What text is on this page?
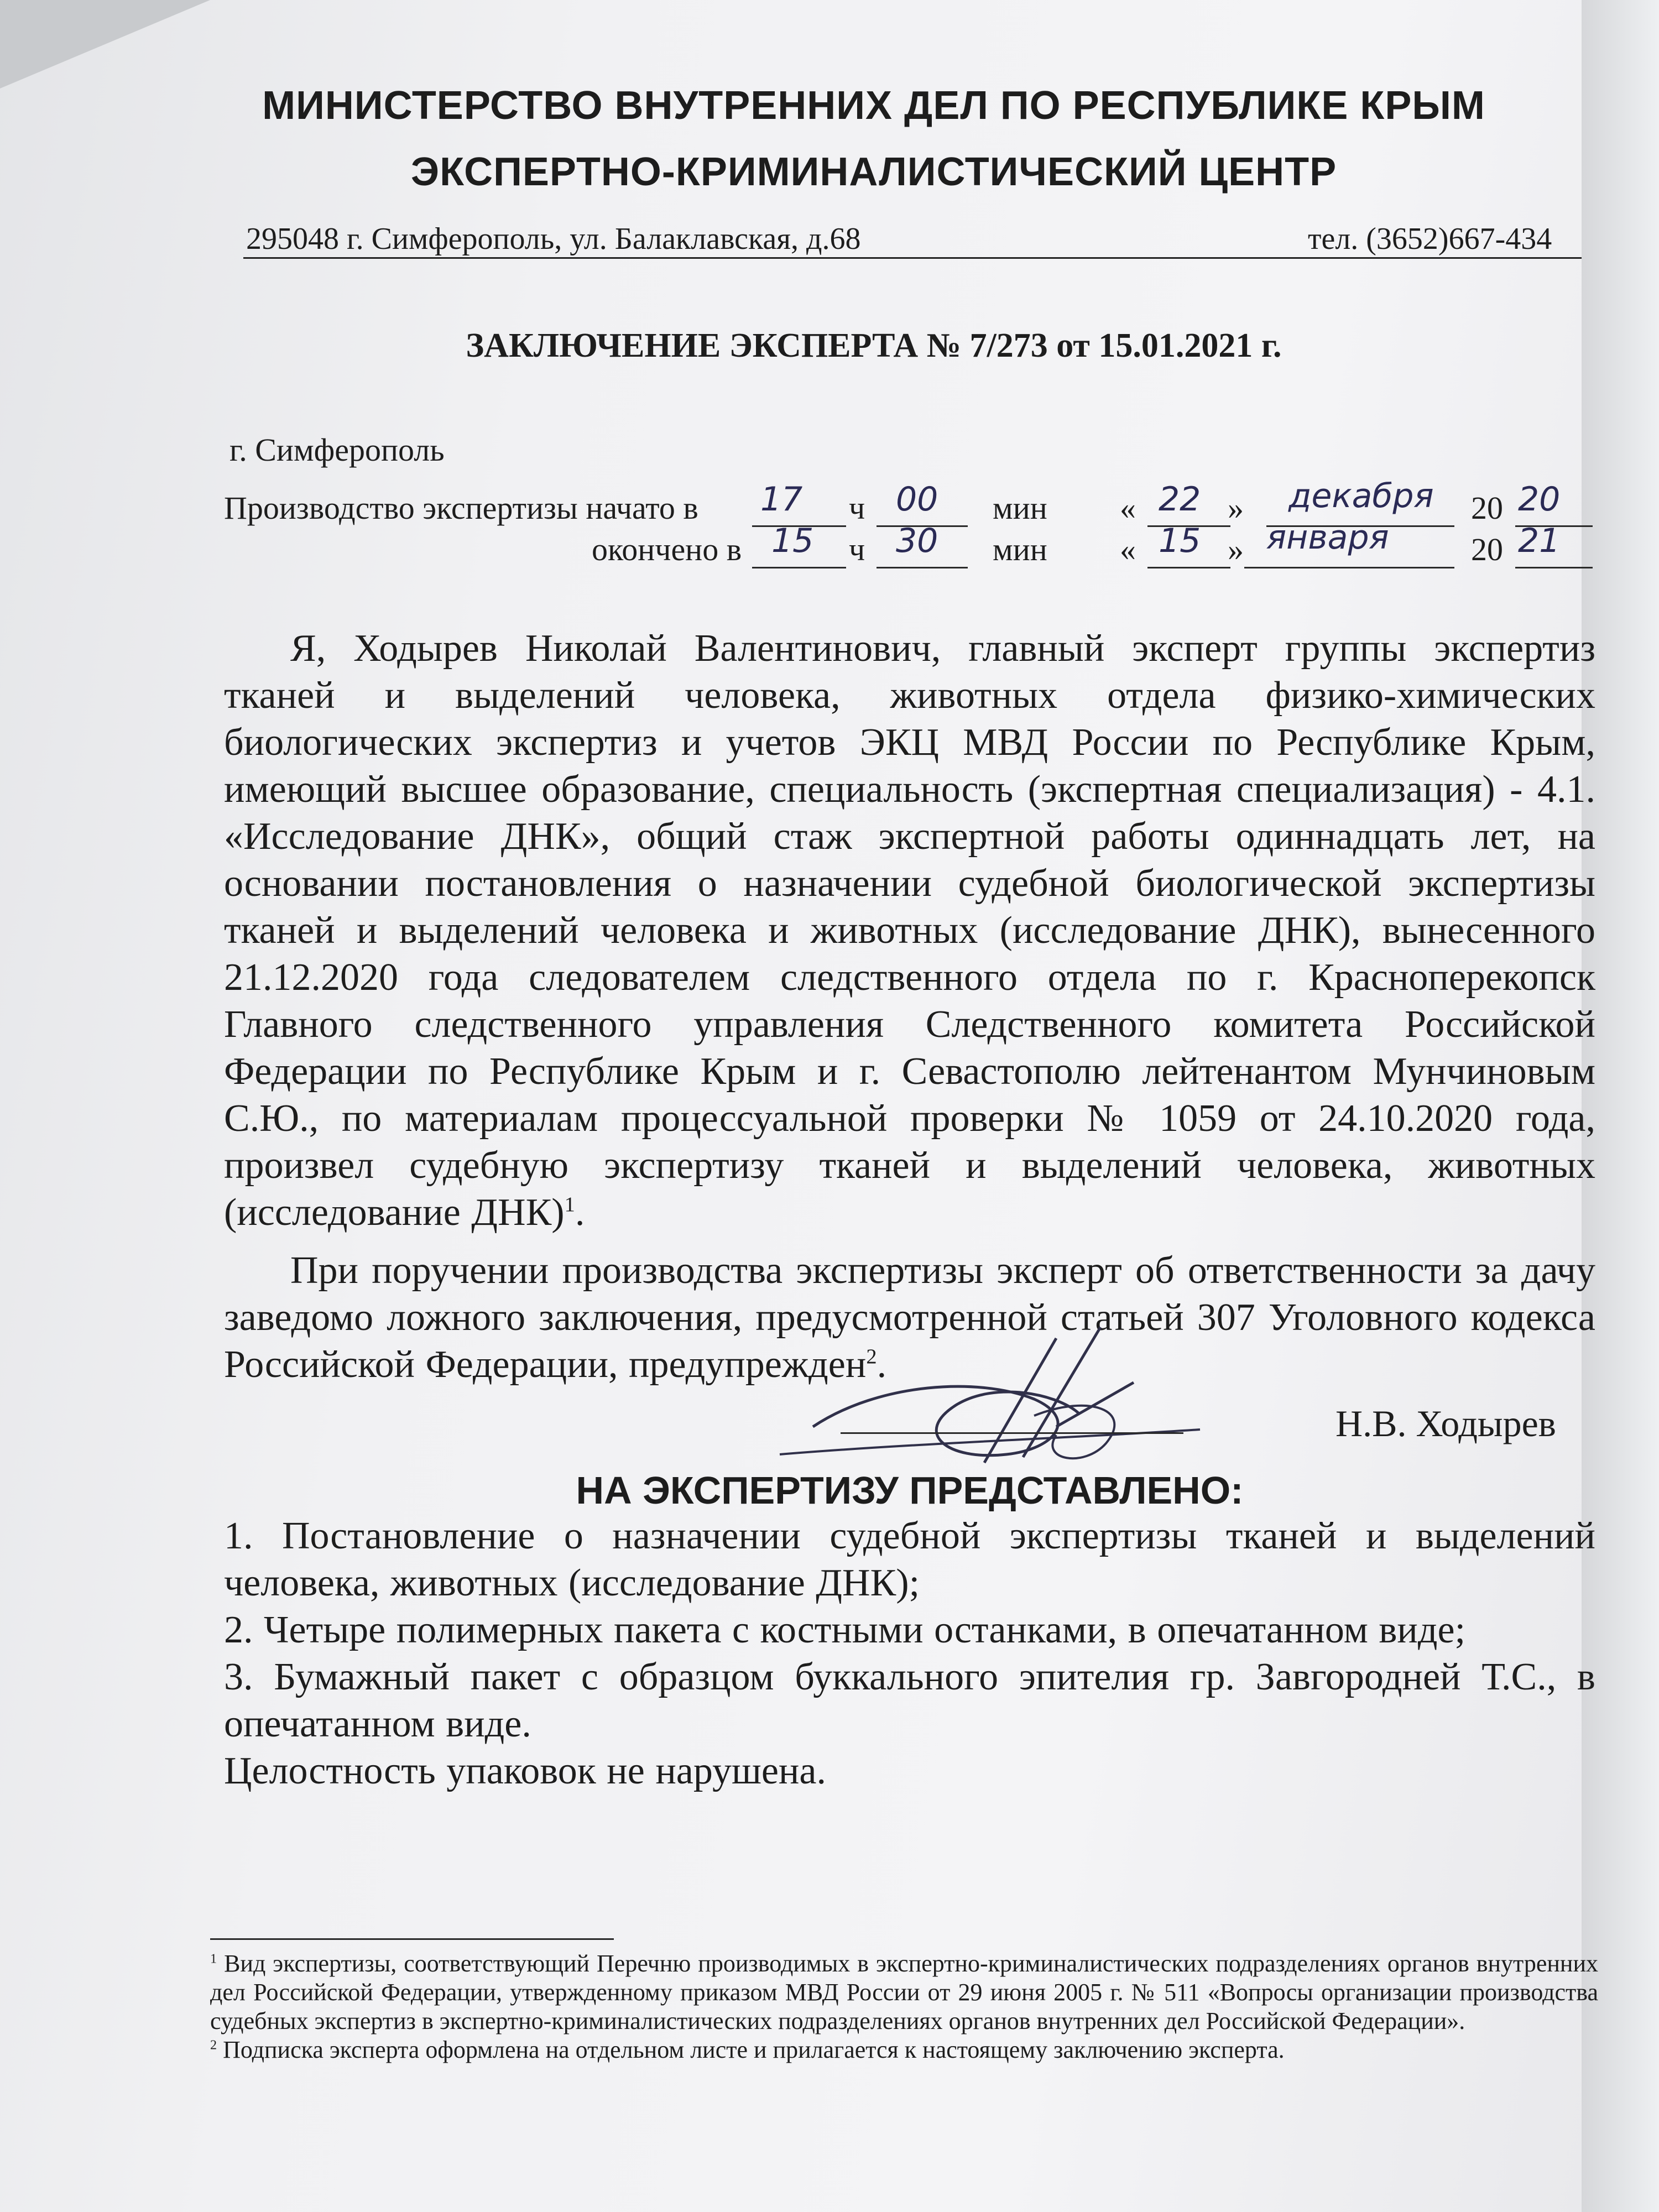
МИНИСТЕРСТВО ВНУТРЕННИХ ДЕЛ ПО РЕСПУБЛИКЕ КРЫМ
ЭКСПЕРТНО-КРИМИНАЛИСТИЧЕСКИЙ ЦЕНТР
295048 г. Симферополь, ул. Балаклавская, д.68	тел. (3652)667-434
ЗАКЛЮЧЕНИЕ ЭКСПЕРТА № 7/273 от 15.01.2021 г.
г. Симферополь
Производство экспертизы начато в 17 ч 00 мин « 22 » декабря 20 20
окончено в 15 ч 30 мин « 15 » января	20 21

Я, Ходырев Николай Валентинович, главный эксперт группы экспертиз тканей и выделений человека, животных отдела физико-химических биологических экспертиз и учетов ЭКЦ МВД России по Республике Крым, имеющий высшее образование, специальность (экспертная специализация) - 4.1. «Исследование ДНК», общий стаж экспертной работы одиннадцать лет, на основании постановления о назначении судебной биологической экспертизы тканей и выделений человека и животных (исследование ДНК), вынесенного 21.12.2020 года следователем следственного отдела по г. Красноперекопск Главного следственного управления Следственного комитета Российской Федерации по Республике Крым и г. Севастополю лейтенантом Мунчиновым С.Ю., по материалам процессуальной проверки № 1059 от 24.10.2020 года, произвел судебную экспертизу тканей и выделений человека, животных (исследование ДНК)$^1$.

При поручении производства экспертизы эксперт об ответственности за дачу заведомо ложного заключения, предусмотренной статьей 307 Уголовного кодекса Российской Федерации, предупрежден$^2$.

Н.В. Ходырев
НА ЭКСПЕРТИЗУ ПРЕДСТАВЛЕНО:

1. Постановление о назначении судебной экспертизы тканей и выделений человека, животных (исследование ДНК);

2. Четыре полимерных пакета с костными останками, в опечатанном виде;

3. Бумажный пакет с образцом буккального эпителия гр. Завгородней Т.С., в опечатанном виде.

Целостность упаковок не нарушена.

$^1$ Вид экспертизы, соответствующий Перечню производимых в экспертно-криминалистических подразделениях органов внутренних дел Российской Федерации, утвержденному приказом МВД России от 29 июня 2005 г. № 511 «Вопросы организации производства судебных экспертиз в экспертно-криминалистических подразделениях органов внутренних дел Российской Федерации».

$^2$ Подписка эксперта оформлена на отдельном листе и прилагается к настоящему заключению эксперта.
